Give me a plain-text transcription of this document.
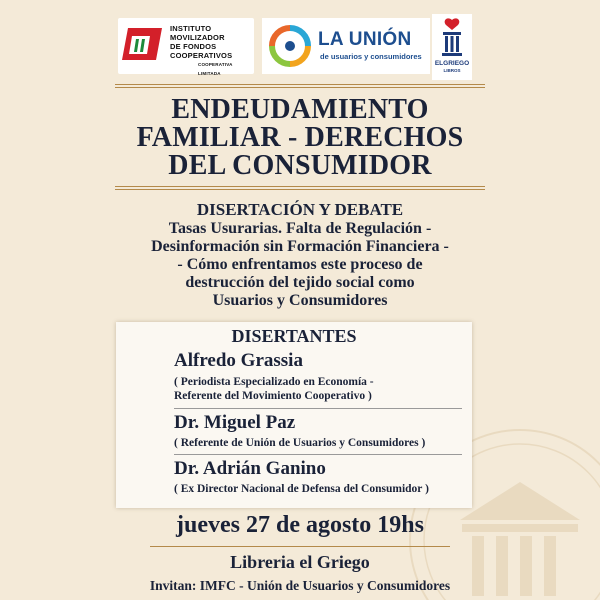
INSTITUTO
MOVILIZADOR
DE FONDOS
COOPERATIVOS
COOPERATIVA LIMITADA
LA UNIÓN
de usuarios y consumidores
ELGRIEGO
LIBROS
ENDEUDAMIENTO
FAMILIAR - DERECHOS
DEL CONSUMIDOR
DISERTACIÓN Y DEBATE
Tasas Usurarias. Falta de Regulación -
Desinformación sin Formación Financiera -
- Cómo enfrentamos este proceso de
destrucción del tejido social como
Usuarios y Consumidores
DISERTANTES
Alfredo Grassia
( Periodista Especializado en Economía -
Referente del Movimiento Cooperativo )
Dr. Miguel Paz
( Referente de Unión de Usuarios y Consumidores )
Dr. Adrián Ganino
( Ex Director Nacional de Defensa del Consumidor )
jueves 27 de agosto 19hs
Libreria el Griego
Invitan: IMFC - Unión de Usuarios y Consumidores
